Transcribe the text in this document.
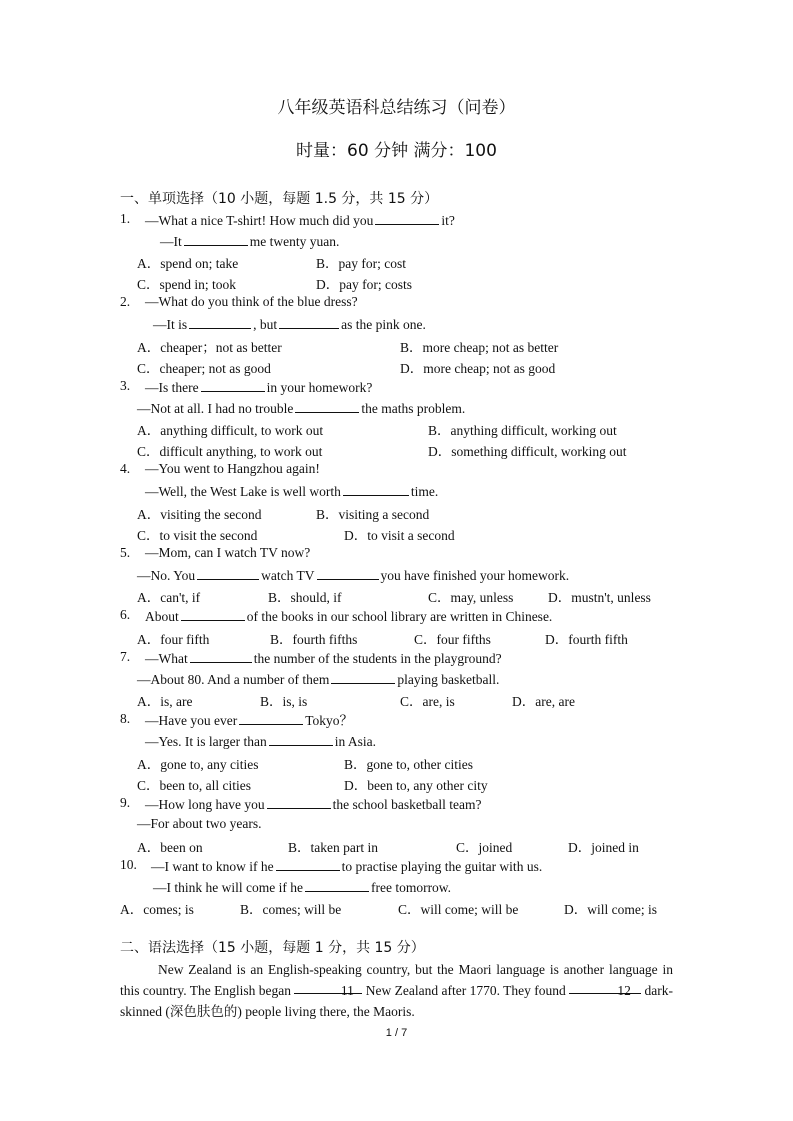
八年级英语科总结练习（问卷）
时量：60 分钟 满分：100
一、单项选择（10 小题，每题 1.5 分，共 15 分）
1. —What a nice T-shirt! How much did you	it?
—It	me twenty yuan.
A．spend on; take	B．pay for; cost
C．spend in; took	D．pay for; costs
2. —What do you think of the blue dress?
—It is	, but	as the pink one.
A．cheaper；not as better	B．more cheap; not as better
C．cheaper; not as good	D．more cheap; not as good
3. —Is there	in your homework?
—Not at all. I had no trouble	the maths problem.
A．anything difficult, to work out	B．anything difficult, working out
C．difficult anything, to work out	D．something difficult, working out
4. —You went to Hangzhou again!
—Well, the West Lake is well worth	time.
A．visiting the second	B．visiting a second
C．to visit the second	D．to visit a second
5. —Mom, can I watch TV now?
—No. You	watch TV	you have finished your homework.
A．can't, if	B．should, if	C．may, unless	D．mustn't, unless
6. About	of the books in our school library are written in Chinese.
A．four fifth	B．fourth fifths	C．four fifths	D．fourth fifth
7. —What	the number of the students in the playground?
—About 80. And a number of them	playing basketball.
A．is, are	B．is, is	C．are, is	D．are, are
8. —Have you ever	Tokyo？
—Yes. It is larger than	in Asia.
A．gone to, any cities	B．gone to, other cities
C．been to, all cities	D．been to, any other city
9. —How long have you	the school basketball team?
—For about two years.
A．been on	B．taken part in	C．joined	D．joined in
10. —I want to know if he	to practise playing the guitar with us.
—I think he will come if he	free tomorrow.
A．comes; is	B．comes; will be	C．will come; will be	D．will come; is
二、语法选择（15 小题，每题 1 分，共 15 分）
New Zealand is an English-speaking country, but the Maori language is another language in this country. The English began	11 New Zealand after 1770. They found	12 dark-skinned (深色肤色的) people living there, the Maoris.
1 / 7
